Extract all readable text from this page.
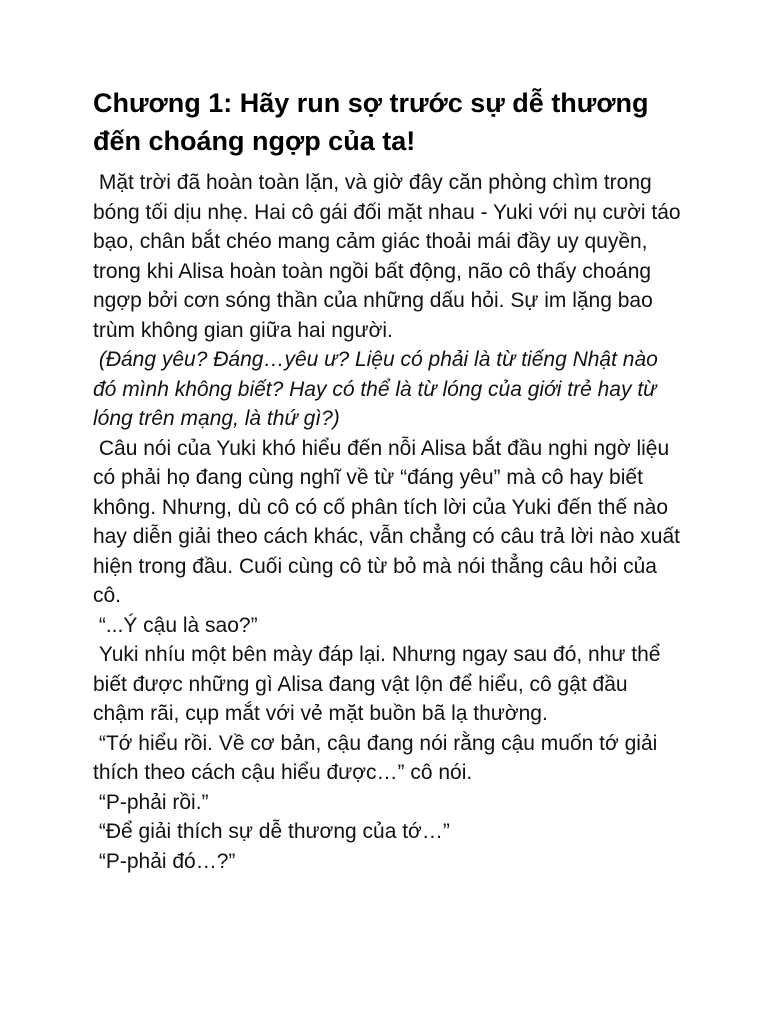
Chương 1: Hãy run sợ trước sự dễ thương đến choáng ngợp của ta!

Mặt trời đã hoàn toàn lặn, và giờ đây căn phòng chìm trong bóng tối dịu nhẹ. Hai cô gái đối mặt nhau - Yuki với nụ cười táo bạo, chân bắt chéo mang cảm giác thoải mái đầy uy quyền, trong khi Alisa hoàn toàn ngồi bất động, não cô thấy choáng ngợp bởi cơn sóng thần của những dấu hỏi. Sự im lặng bao trùm không gian giữa hai người.

(Đáng yêu? Đáng…yêu ư? Liệu có phải là từ tiếng Nhật nào đó mình không biết? Hay có thể là từ lóng của giới trẻ hay từ lóng trên mạng, là thứ gì?)

Câu nói của Yuki khó hiểu đến nỗi Alisa bắt đầu nghi ngờ liệu có phải họ đang cùng nghĩ về từ “đáng yêu” mà cô hay biết không. Nhưng, dù cô có cố phân tích lời của Yuki đến thế nào hay diễn giải theo cách khác, vẫn chẳng có câu trả lời nào xuất hiện trong đầu. Cuối cùng cô từ bỏ mà nói thẳng câu hỏi của cô.

“...Ý cậu là sao?”

Yuki nhíu một bên mày đáp lại. Nhưng ngay sau đó, như thể biết được những gì Alisa đang vật lộn để hiểu, cô gật đầu chậm rãi, cụp mắt với vẻ mặt buồn bã lạ thường.

“Tớ hiểu rồi. Về cơ bản, cậu đang nói rằng cậu muốn tớ giải thích theo cách cậu hiểu được…” cô nói.

“P-phải rồi.”

“Để giải thích sự dễ thương của tớ…”

“P-phải đó…?”
